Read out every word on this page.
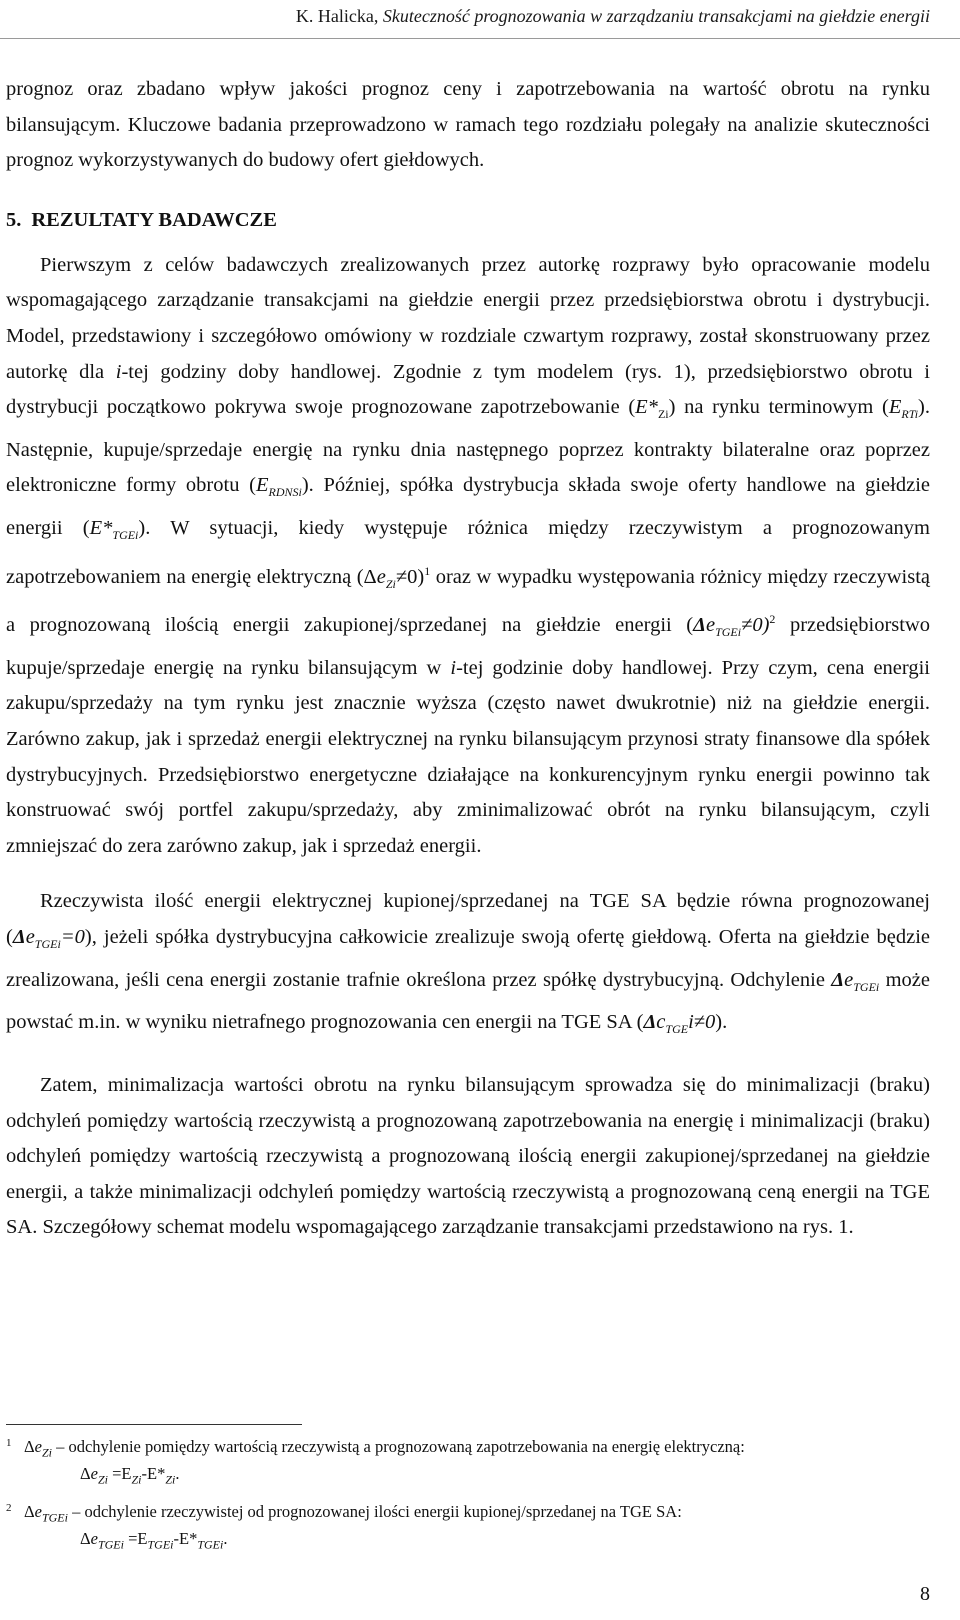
K. Halicka, Skuteczność prognozowania w zarządzaniu transakcjami na giełdzie energii

prognoz oraz zbadano wpływ jakości prognoz ceny i zapotrzebowania na wartość obrotu na rynku bilansującym. Kluczowe badania przeprowadzono w ramach tego rozdziału polegały na analizie skuteczności prognoz wykorzystywanych do budowy ofert giełdowych.

5. REZULTATY BADAWCZE

Pierwszym z celów badawczych zrealizowanych przez autorkę rozprawy było opracowanie modelu wspomagającego zarządzanie transakcjami na giełdzie energii przez przedsiębiorstwa obrotu i dystrybucji. Model, przedstawiony i szczegółowo omówiony w rozdziale czwartym rozprawy, został skonstruowany przez autorkę dla i-tej godziny doby handlowej. Zgodnie z tym modelem (rys. 1), przedsiębiorstwo obrotu i dystrybucji początkowo pokrywa swoje prognozowane zapotrzebowanie $(E*_{Zi})$ na rynku terminowym $(E_{RTi})$. Następnie, kupuje/sprzedaje energię na rynku dnia następnego poprzez kontrakty bilateralne oraz poprzez elektroniczne formy obrotu $(E_{RDNSi})$. Później, spółka dystrybucja składa swoje oferty handlowe na giełdzie energii $(E*_{TGEi})$. W sytuacji, kiedy występuje różnica między rzeczywistym a prognozowanym zapotrzebowaniem na energię elektryczną $(\Delta e_{Zi}\ne 0)^1$ oraz w wypadku występowania różnicy między rzeczywistą a prognozowaną ilością energii zakupionej/sprzedanej na giełdzie energii $(\Delta e_{TGEi}\ne 0)^2$ przedsiębiorstwo kupuje/sprzedaje energię na rynku bilansującym w i-tej godzinie doby handlowej. Przy czym, cena energii zakupu/sprzedaży na tym rynku jest znacznie wyższa (często nawet dwukrotnie) niż na giełdzie energii. Zarówno zakup, jak i sprzedaż energii elektrycznej na rynku bilansującym przynosi straty finansowe dla spółek dystrybucyjnych. Przedsiębiorstwo energetyczne działające na konkurencyjnym rynku energii powinno tak konstruować swój portfel zakupu/sprzedaży, aby zminimalizować obrót na rynku bilansującym, czyli zmniejszać do zera zarówno zakup, jak i sprzedaż energii.

Rzeczywista ilość energii elektrycznej kupionej/sprzedanej na TGE SA będzie równa prognozowanej $(\Delta e_{TGEi}=0)$, jeżeli spółka dystrybucyjna całkowicie zrealizuje swoją ofertę giełdową. Oferta na giełdzie będzie zrealizowana, jeśli cena energii zostanie trafnie określona przez spółkę dystrybucyjną. Odchylenie $\Delta e_{TGEi}$ może powstać m.in. w wyniku nietrafnego prognozowania cen energii na TGE SA $(\Delta c_{TGE}i\ne 0)$.

Zatem, minimalizacja wartości obrotu na rynku bilansującym sprowadza się do minimalizacji (braku) odchyleń pomiędzy wartością rzeczywistą a prognozowaną zapotrzebowania na energię i minimalizacji (braku) odchyleń pomiędzy wartością rzeczywistą a prognozowaną ilością energii zakupionej/sprzedanej na giełdzie energii, a także minimalizacji odchyleń pomiędzy wartością rzeczywistą a prognozowaną ceną energii na TGE SA. Szczegółowy schemat modelu wspomagającego zarządzanie transakcjami przedstawiono na rys. 1.

1 $\Delta e_{Zi}$ – odchylenie pomiędzy wartością rzeczywistą a prognozowaną zapotrzebowania na energię elektryczną:
$\Delta e_{Zi} =E_{Zi}-E*_{Zi}$.
2 $\Delta e_{TGEi}$ – odchylenie rzeczywistej od prognozowanej ilości energii kupionej/sprzedanej na TGE SA:
$\Delta e_{TGEi} =E_{TGEi}-E*_{TGEi}$.
8
